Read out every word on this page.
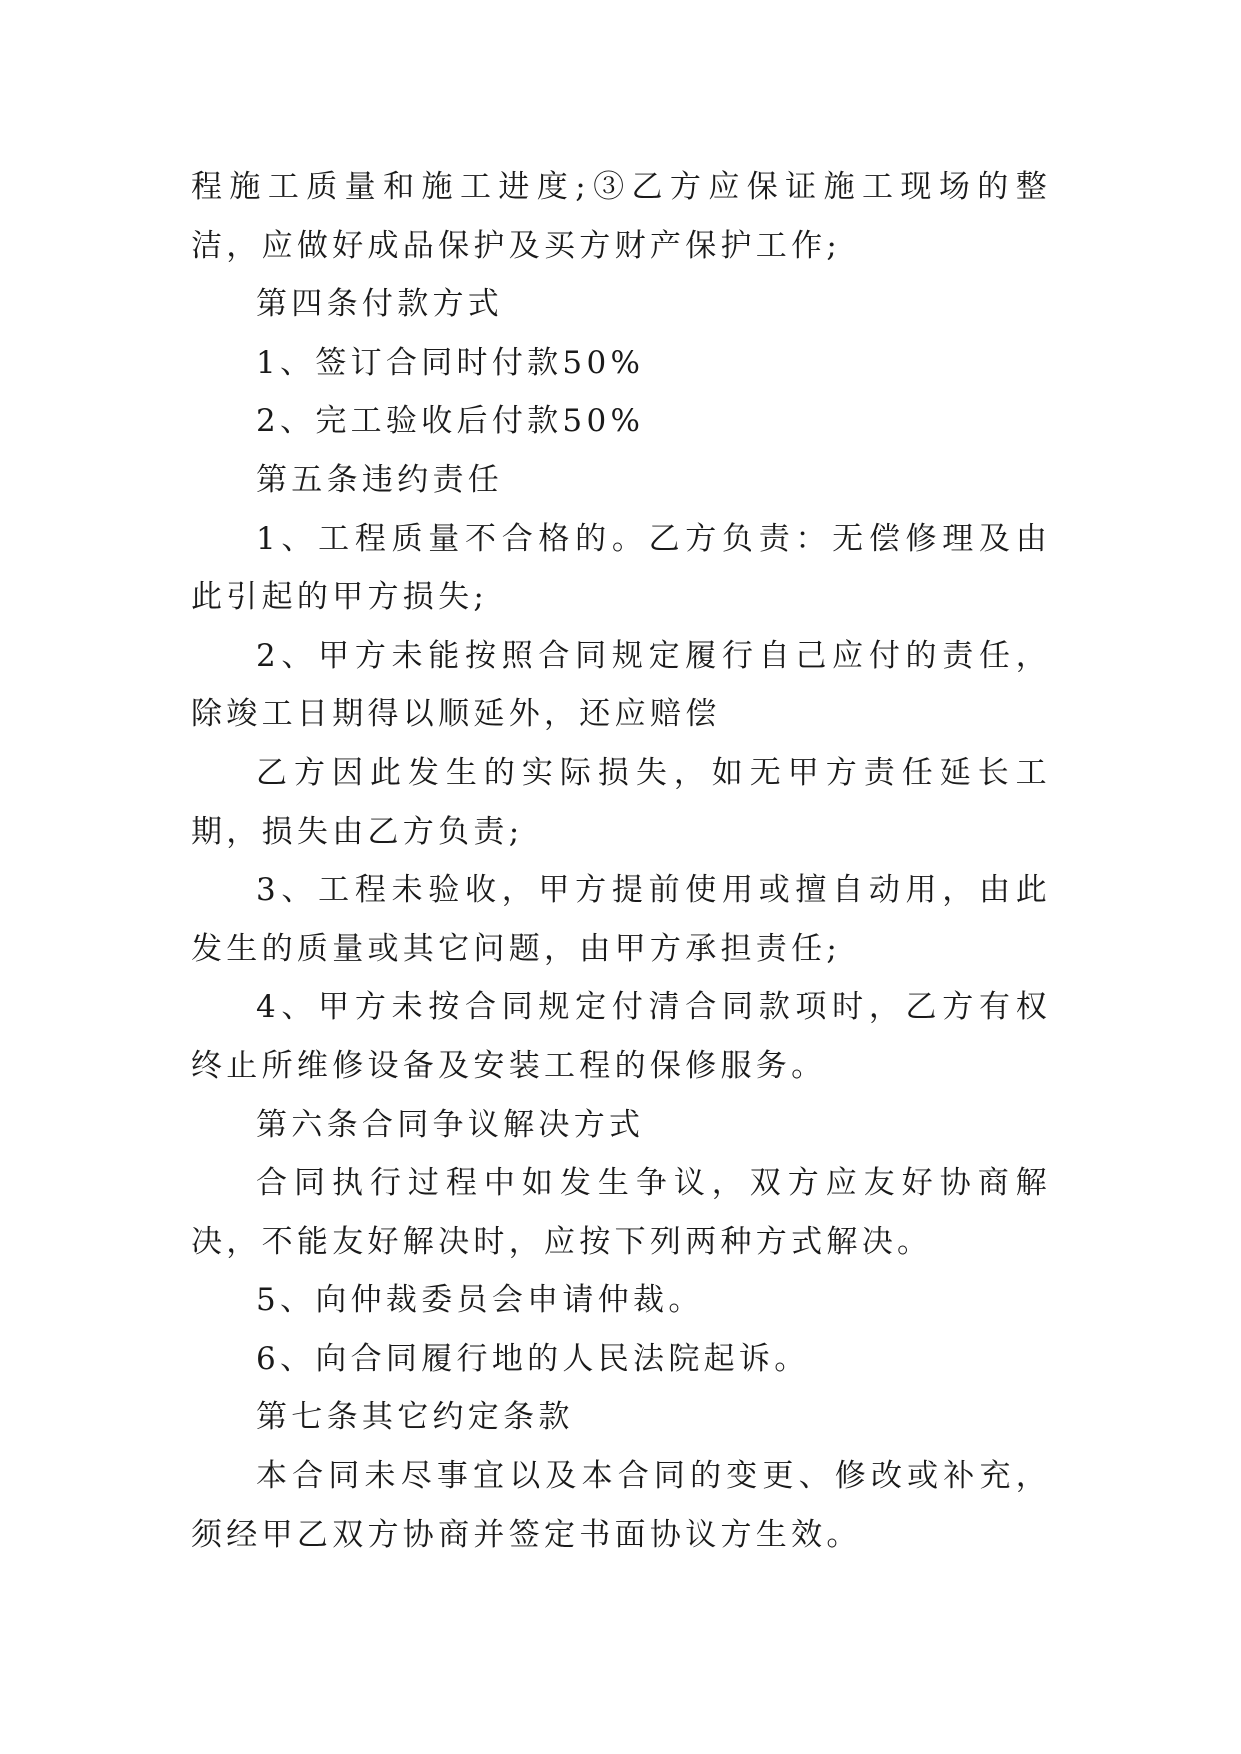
程施工质量和施工进度;③乙方应保证施工现场的整洁，应做好成品保护及买方财产保护工作;

第四条付款方式

1、签订合同时付款50%

2、完工验收后付款50%

第五条违约责任

1、工程质量不合格的。乙方负责：无偿修理及由此引起的甲方损失;

2、甲方未能按照合同规定履行自己应付的责任，除竣工日期得以顺延外，还应赔偿

乙方因此发生的实际损失，如无甲方责任延长工期，损失由乙方负责;

3、工程未验收，甲方提前使用或擅自动用，由此发生的质量或其它问题，由甲方承担责任;

4、甲方未按合同规定付清合同款项时，乙方有权终止所维修设备及安装工程的保修服务。

第六条合同争议解决方式

合同执行过程中如发生争议，双方应友好协商解决，不能友好解决时，应按下列两种方式解决。

5、向仲裁委员会申请仲裁。

6、向合同履行地的人民法院起诉。

第七条其它约定条款

本合同未尽事宜以及本合同的变更、修改或补充，须经甲乙双方协商并签定书面协议方生效。
